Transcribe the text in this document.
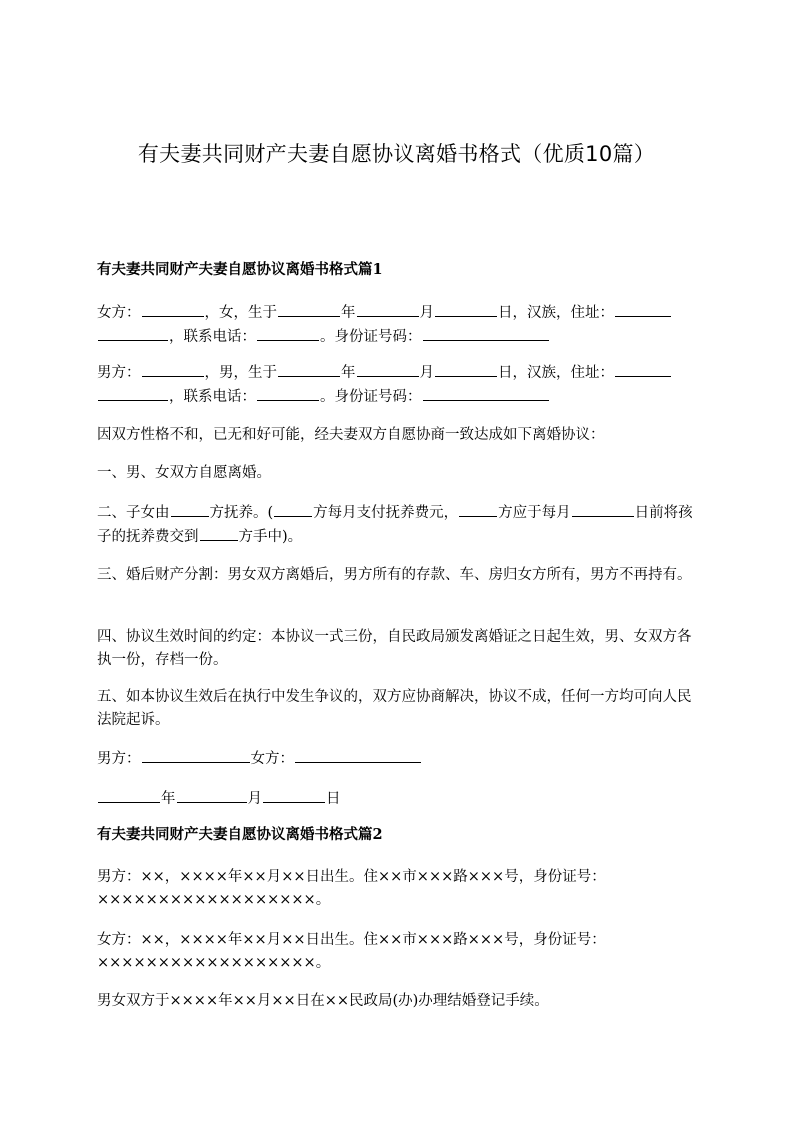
有夫妻共同财产夫妻自愿协议离婚书格式（优质10篇）

有夫妻共同财产夫妻自愿协议离婚书格式篇1

女方：	，女，生于	年	月	日，汉族，住址：，联系电话：	。身份证号码：

男方：	，男，生于	年	月	日，汉族，住址：，联系电话：	。身份证号码：

因双方性格不和，已无和好可能，经夫妻双方自愿协商一致达成如下离婚协议：

一、男、女双方自愿离婚。

二、子女由	方抚养。(	方每月支付抚养费元，	方应于每月	日前将孩子的抚养费交到	方手中)。

三、婚后财产分割：男女双方离婚后，男方所有的存款、车、房归女方所有，男方不再持有。

四、协议生效时间的约定：本协议一式三份，自民政局颁发离婚证之日起生效，男、女双方各执一份，存档一份。

五、如本协议生效后在执行中发生争议的，双方应协商解决，协议不成，任何一方均可向人民法院起诉。

男方：	女方：

年	月	日

有夫妻共同财产夫妻自愿协议离婚书格式篇2

男方：××，××××年××月××日出生。住××市×××路×××号，身份证号：××××××××××××××××××。

女方：××，××××年××月××日出生。住××市×××路×××号，身份证号：××××××××××××××××××。

男女双方于××××年××月××日在××民政局(办)办理结婚登记手续。
